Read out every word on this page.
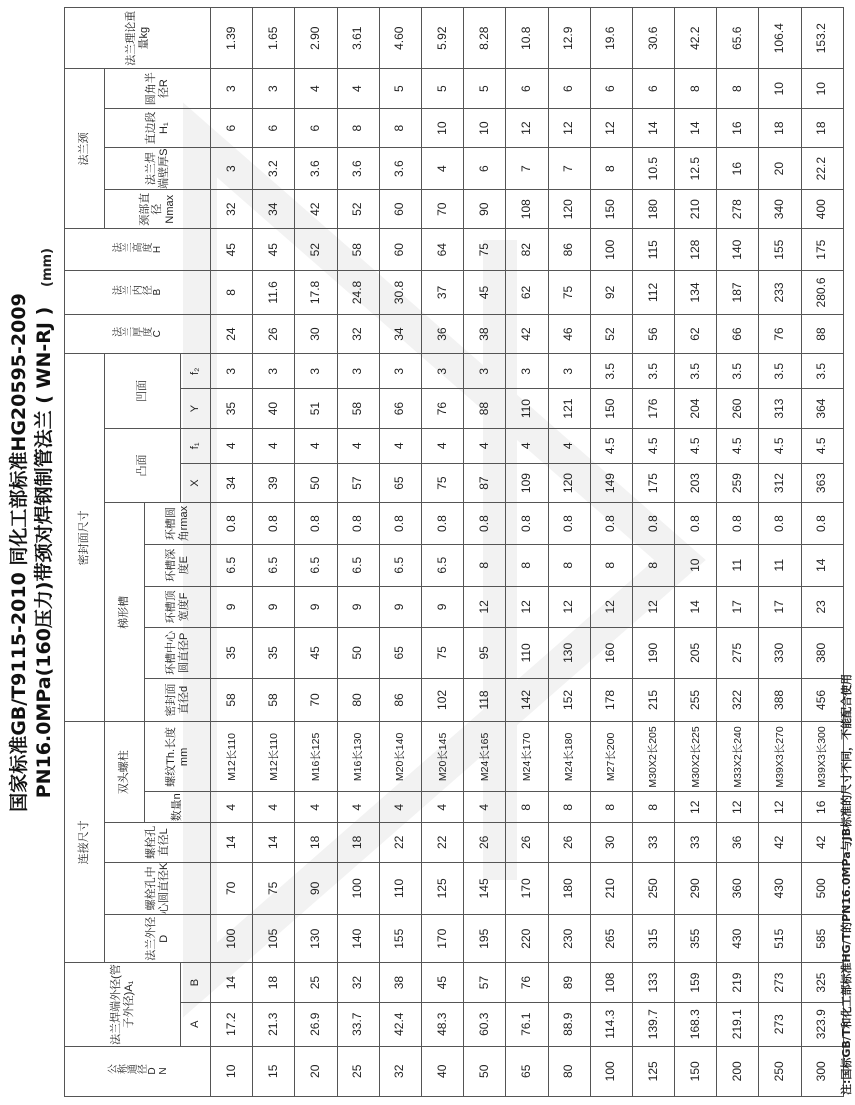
国家标准GB/T9115-2010 同化工部标准HG20595-2009 PN16.0MPa(160压力)带颈对焊钢制管法兰 ( WN-RJ )
(mm)
公称通径DN	法兰焊端外径(管子外径)A₁		连接尺寸					密封面尺寸									法兰厚度C	法兰内径B	法兰高度H	法兰颈				法兰理论重量kg
			法兰外径D	螺栓孔中心圆直径K	螺栓孔直径L	双头螺柱		梯形槽					凸面		凹面					颈部直径Nmax	法兰焊端壁厚S	直边段H₁	圆角半径R	
						数量n	螺纹Th.长度mm	密封面直径d	环槽中心圆直径P	环槽顶宽度F	环槽深度E	环槽圆角rmax												
	A	B											X	f₁	Y	f₂								
10	17.2	14	100	70	14	4	M12长110	58	35	9	6.5	0.8	34	4	35	3	24	8	45	32	3	6	3	1.39
15	21.3	18	105	75	14	4	M12长110	58	35	9	6.5	0.8	39	4	40	3	26	11.6	45	34	3.2	6	3	1.65
20	26.9	25	130	90	18	4	M16长125	70	45	9	6.5	0.8	50	4	51	3	30	17.8	52	42	3.6	6	4	2.90
25	33.7	32	140	100	18	4	M16长130	80	50	9	6.5	0.8	57	4	58	3	32	24.8	58	52	3.6	8	4	3.61
32	42.4	38	155	110	22	4	M20长140	86	65	9	6.5	0.8	65	4	66	3	34	30.8	60	60	3.6	8	5	4.60
40	48.3	45	170	125	22	4	M20长145	102	75	9	6.5	0.8	75	4	76	3	36	37	64	70	4	10	5	5.92
50	60.3	57	195	145	26	4	M24长165	118	95	12	8	0.8	87	4	88	3	38	45	75	90	6	10	5	8.28
65	76.1	76	220	170	26	8	M24长170	142	110	12	8	0.8	109	4	110	3	42	62	82	108	7	12	6	10.8
80	88.9	89	230	180	26	8	M24长180	152	130	12	8	0.8	120	4	121	3	46	75	86	120	7	12	6	12.9
100	114.3	108	265	210	30	8	M27长200	178	160	12	8	0.8	149	4.5	150	3.5	52	92	100	150	8	12	6	19.6
125	139.7	133	315	250	33	8	M30X2长205	215	190	12	8	0.8	175	4.5	176	3.5	56	112	115	180	10.5	14	6	30.6
150	168.3	159	355	290	33	12	M30X2长225	255	205	14	10	0.8	203	4.5	204	3.5	62	134	128	210	12.5	14	8	42.2
200	219.1	219	430	360	36	12	M33X2长240	322	275	17	11	0.8	259	4.5	260	3.5	66	187	140	278	16	16	8	65.6
250	273	273	515	430	42	12	M39X3长270	388	330	17	11	0.8	312	4.5	313	3.5	76	233	155	340	20	18	10	106.4
300	323.9	325	585	500	42	16	M39X3长300	456	380	23	14	0.8	363	4.5	364	3.5	88	280.6	175	400	22.2	18	10	153.2
注:国标GB/T和化工部标准HG/T的PN16.0MPa与JB标准的尺寸不同，不能配合使用
